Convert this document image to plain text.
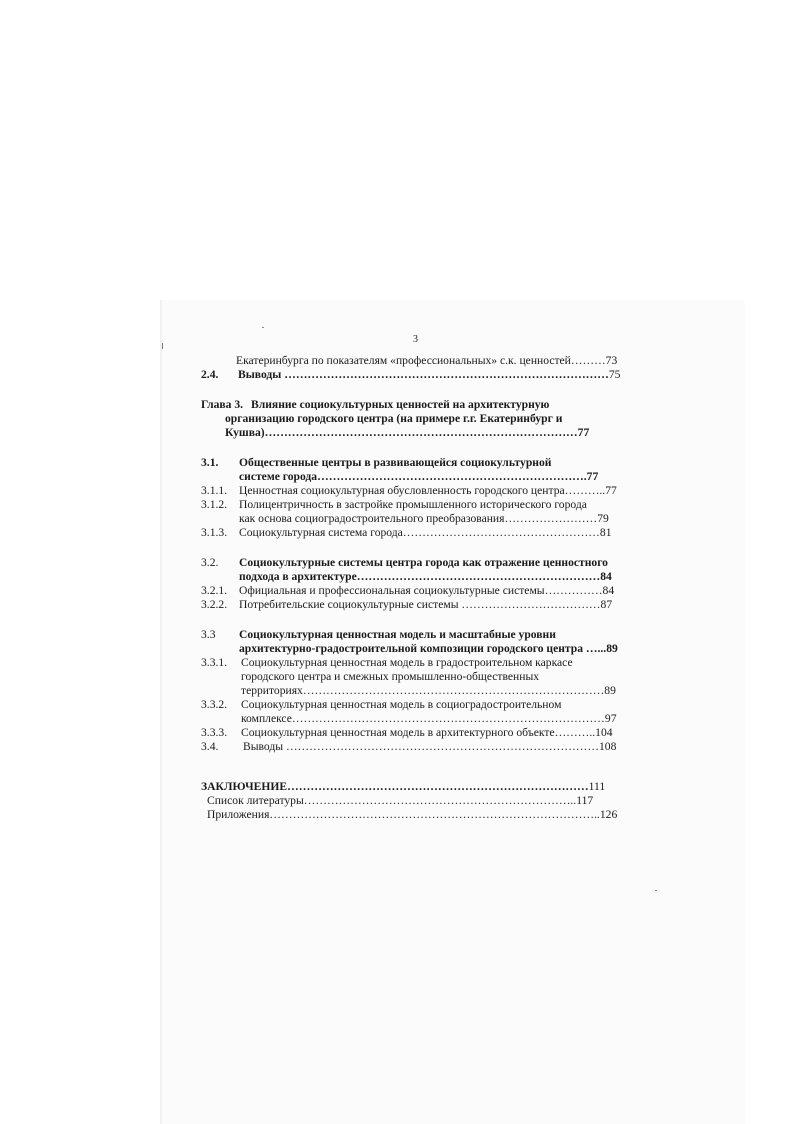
3
Екатеринбурга по показателям «профессиональных» с.к. ценностей………73
2.4. Выводы …………………………………………………………………………75
Глава 3. Влияние социокультурных ценностей на архитектурную
организацию городского центра (на примере г.г. Екатеринбург и
Кушва)………………………………………………………………………77
3.1. Общественные центры в развивающейся социокультурной
системе города…………………………………………………………….77
3.1.1. Ценностная социокультурная обусловленность городского центра………..77
3.1.2. Полицентричность в застройке промышленного исторического города
как основа социоградостроительного преобразования……………………79
3.1.3. Социокультурная система города……………………………………………81
3.2. Социокультурные системы центра города как отражение ценностного
подхода в архитектуре………………………………………………………84
3.2.1. Официальная и профессиональная социокультурные системы……………84
3.2.2. Потребительские социокультурные системы ………………………………87
3.3 Социокультурная ценностная модель и масштабные уровни
архитектурно-градостроительной композиции городского центра …...89
3.3.1. Социокультурная ценностная модель в градостроительном каркасе
городского центра и смежных промышленно-общественных
территориях……………………………………………………………………89
3.3.2. Социокультурная ценностная модель в социоградостроительном
комплексе………………………………………………………………………97
3.3.3. Социокультурная ценностная модель в архитектурного объекте………..104
3.4. Выводы ………………………………………………………………………108
ЗАКЛЮЧЕНИЕ……………………………………………………………………111
Список литературы……………………………………………………………..117
Приложения…………………………………………………………………………..126
